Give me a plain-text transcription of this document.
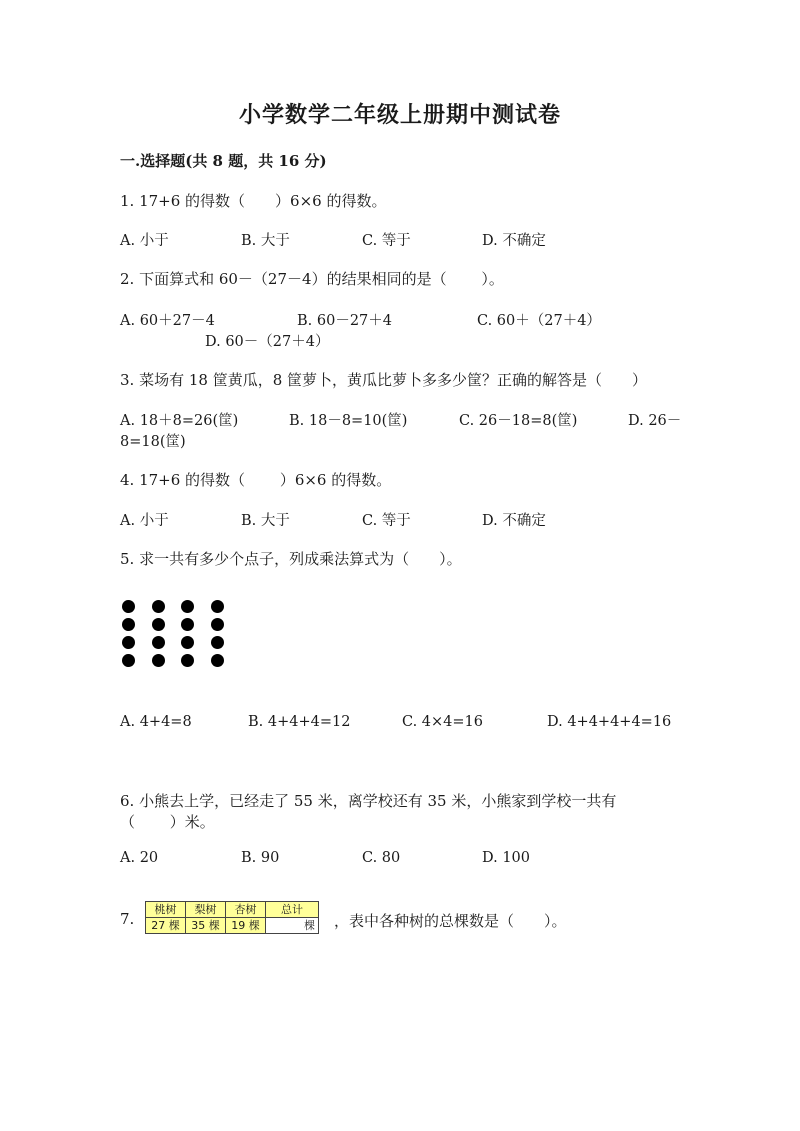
小学数学二年级上册期中测试卷
一.选择题(共 8 题，共 16 分)
1. 17+6 的得数（　　）6×6 的得数。
A. 小于	B. 大于	C. 等于	D. 不确定
2. 下面算式和 60－（27－4）的结果相同的是（　　 ）。
A. 60＋27－4	B. 60－27＋4	C. 60＋（27＋4）
D. 60－（27＋4）
3. 菜场有 18 筐黄瓜，8 筐萝卜，黄瓜比萝卜多多少筐？正确的解答是（　　）
A. 18＋8=26(筐)	B. 18－8=10(筐)	C. 26－18=8(筐)	D. 26－
8=18(筐)
4. 17+6 的得数（　　 ）6×6 的得数。
A. 小于	B. 大于	C. 等于	D. 不确定
5. 求一共有多少个点子，列成乘法算式为（　　）。
A. 4+4=8	B. 4+4+4=12	C. 4×4=16	D. 4+4+4+4=16
6. 小熊去上学，已经走了 55 米，离学校还有 35 米，小熊家到学校一共有
（　　 ）米。
A. 20	B. 90	C. 80	D. 100
7.
桃树	梨树	杏树	总计
27 棵	35 棵	19 棵	棵 ，表中各种树的总棵数是（　　）。
